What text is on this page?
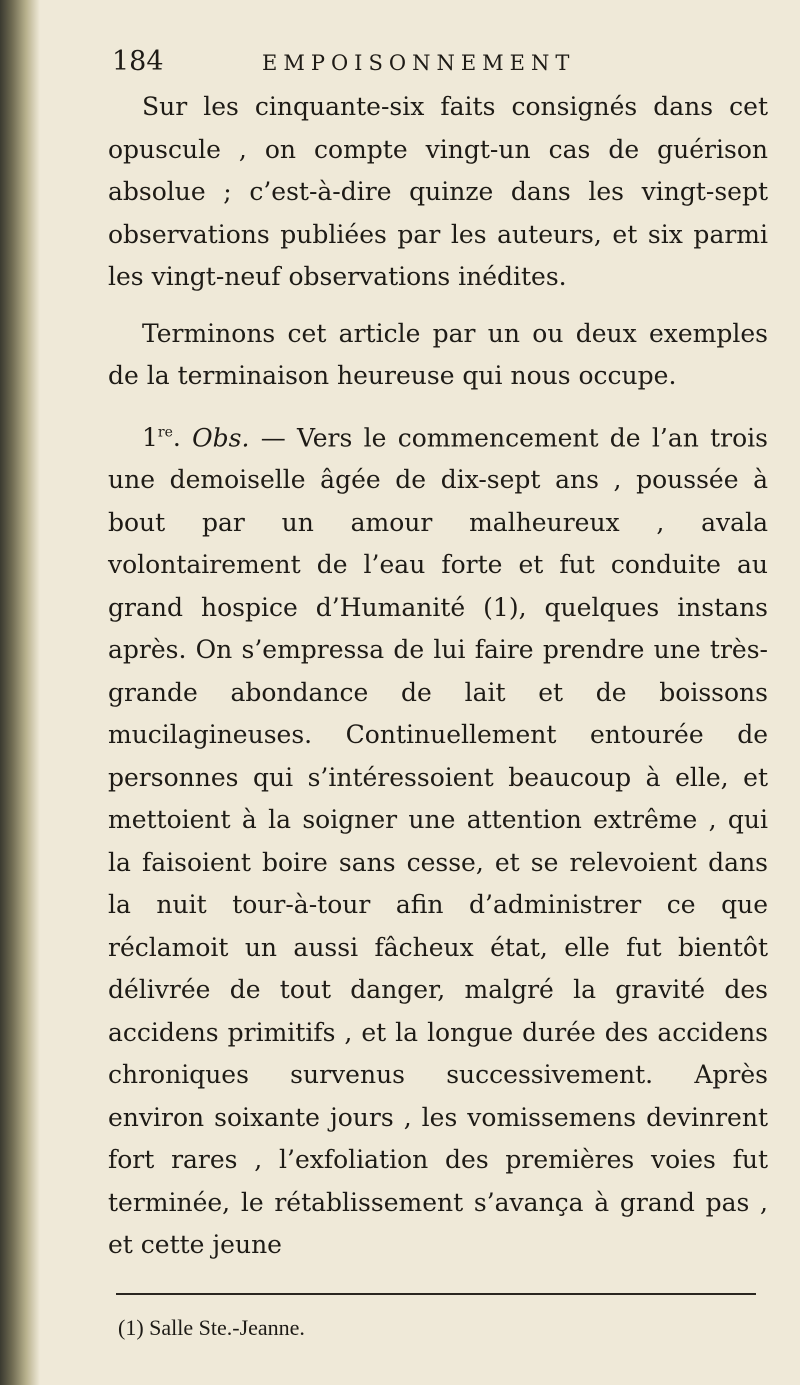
184	EMPOISONNEMENT

Sur les cinquante-six faits consignés dans cet opuscule , on compte vingt-un cas de guérison absolue ; c’est-à-dire quinze dans les vingt-sept observations publiées par les auteurs, et six parmi les vingt-neuf observations inédites.

Terminons cet article par un ou deux exemples de la terminaison heureuse qui nous occupe.

1re. Obs. — Vers le commencement de l’an trois une demoiselle âgée de dix-sept ans , poussée à bout par un amour malheureux , avala volontairement de l’eau forte et fut conduite au grand hospice d’Humanité (1), quelques instans après. On s’empressa de lui faire prendre une très-grande abondance de lait et de boissons mucilagineuses. Continuellement entourée de personnes qui s’intéressoient beaucoup à elle, et mettoient à la soigner une attention extrême , qui la faisoient boire sans cesse, et se relevoient dans la nuit tour-à-tour afin d’administrer ce que réclamoit un aussi fâcheux état, elle fut bientôt délivrée de tout danger, malgré la gravité des accidens primitifs , et la longue durée des accidens chroniques survenus successivement. Après environ soixante jours , les vomissemens devinrent fort rares , l’exfoliation des premières voies fut terminée, le rétablissement s’avança à grand pas , et cette jeune

(1) Salle Ste.-Jeanne.
